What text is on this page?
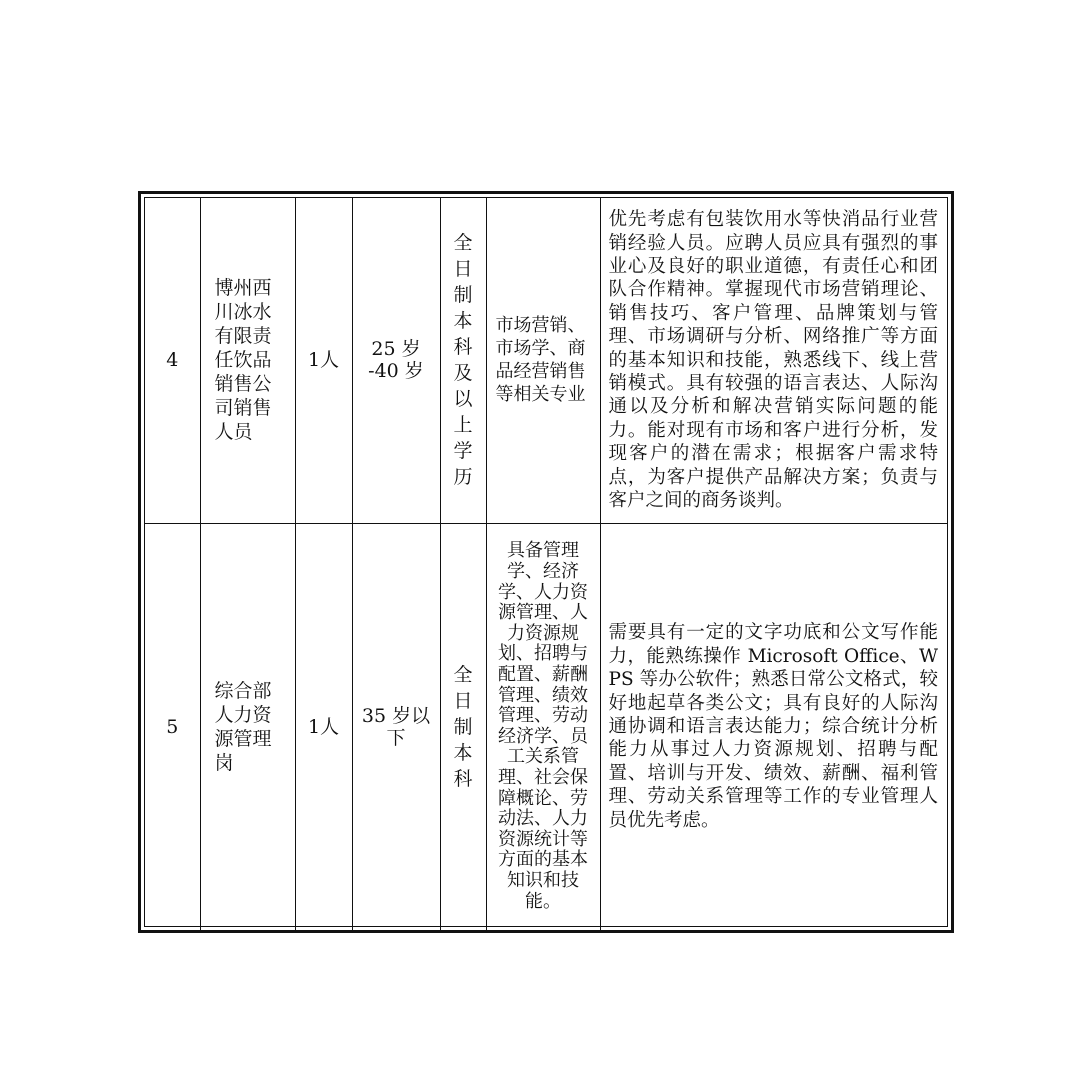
4	博州西川冰水有限责任饮品销售公司销售人员	1人	25 岁 -40 岁	全日制本科及以上学历	市场营销、市场学、商品经营销售等相关专业	优先考虑有包装饮用水等快消品行业营销经验人员。应聘人员应具有强烈的事业心及良好的职业道德，有责任心和团队合作精神。掌握现代市场营销理论、销售技巧、客户管理、品牌策划与管理、市场调研与分析、网络推广等方面的基本知识和技能，熟悉线下、线上营销模式。具有较强的语言表达、人际沟通以及分析和解决营销实际问题的能力。能对现有市场和客户进行分析，发现客户的潜在需求；根据客户需求特点，为客户提供产品解决方案；负责与客户之间的商务谈判。

5	综合部人力资源管理岗	1人	35 岁以下	全日制本科	具备管理学、经济学、人力资源管理、人力资源规划、招聘与配置、薪酬管理、绩效管理、劳动经济学、员工关系管理、社会保障概论、劳动法、人力资源统计等方面的基本知识和技能。	需要具有一定的文字功底和公文写作能力，能熟练操作 Microsoft Office、WPS 等办公软件；熟悉日常公文格式，较好地起草各类公文；具有良好的人际沟通协调和语言表达能力；综合统计分析能力从事过人力资源规划、招聘与配置、培训与开发、绩效、薪酬、福利管理、劳动关系管理等工作的专业管理人员优先考虑。
